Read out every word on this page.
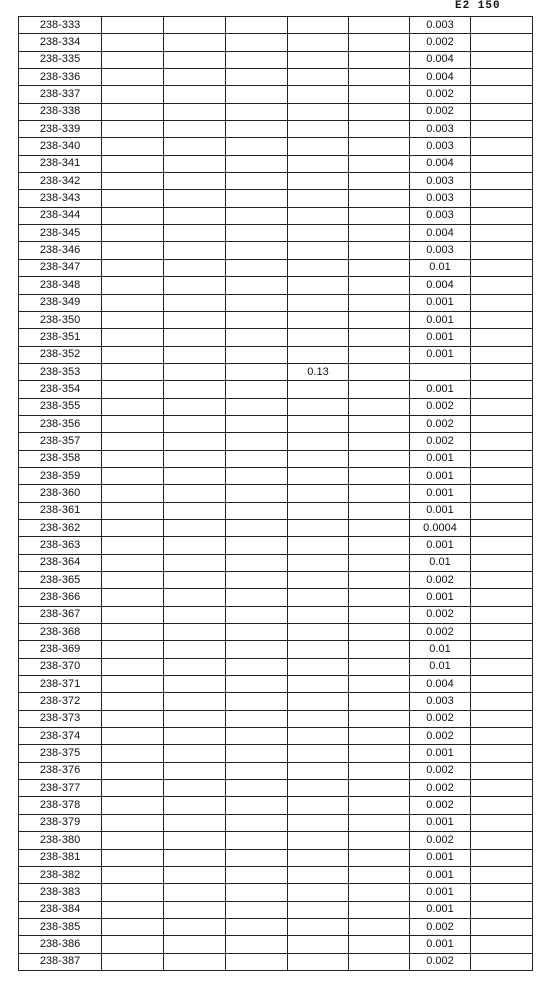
E2 150
238-333						0.003	
238-334						0.002	
238-335						0.004	
238-336						0.004	
238-337						0.002	
238-338						0.002	
238-339						0.003	
238-340						0.003	
238-341						0.004	
238-342						0.003	
238-343						0.003	
238-344						0.003	
238-345						0.004	
238-346						0.003	
238-347						0.01	
238-348						0.004	
238-349						0.001	
238-350						0.001	
238-351						0.001	
238-352						0.001	
238-353				0.13			
238-354						0.001	
238-355						0.002	
238-356						0.002	
238-357						0.002	
238-358						0.001	
238-359						0.001	
238-360						0.001	
238-361						0.001	
238-362						0.0004	
238-363						0.001	
238-364						0.01	
238-365						0.002	
238-366						0.001	
238-367						0.002	
238-368						0.002	
238-369						0.01	
238-370						0.01	
238-371						0.004	
238-372						0.003	
238-373						0.002	
238-374						0.002	
238-375						0.001	
238-376						0.002	
238-377						0.002	
238-378						0.002	
238-379						0.001	
238-380						0.002	
238-381						0.001	
238-382						0.001	
238-383						0.001	
238-384						0.001	
238-385						0.002	
238-386						0.001	
238-387						0.002	
